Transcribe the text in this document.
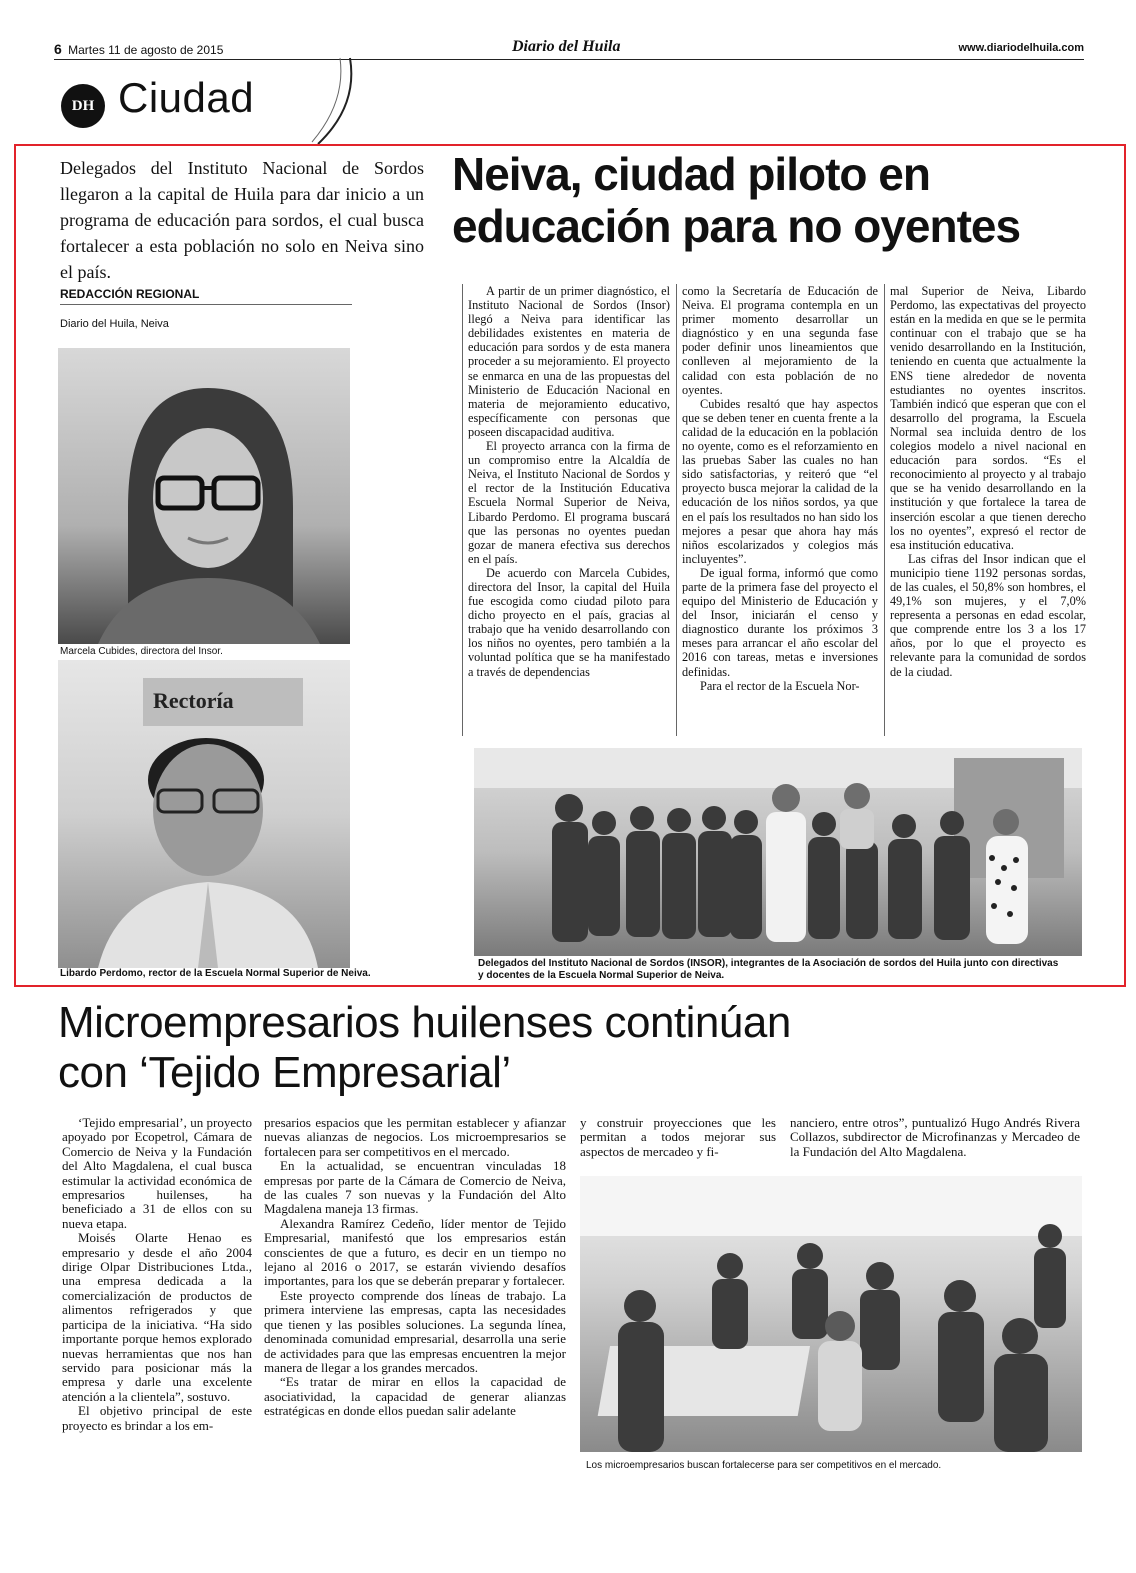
6 Martes 11 de agosto de 2015	Diario del Huila	www.diariodelhuila.com
DH Ciudad
Delegados del Instituto Nacional de Sordos llegaron a la capital de Huila para dar inicio a un programa de educación para sordos, el cual busca fortalecer a esta población no solo en Neiva sino el país.
REDACCIÓN REGIONAL
Diario del Huila, Neiva
Marcela Cubides, directora del Insor.
Rectoría
Libardo Perdomo, rector de la Escuela Normal Superior de Neiva.
Neiva, ciudad piloto en educación para no oyentes

A partir de un primer diagnóstico, el Instituto Nacional de Sordos (Insor) llegó a Neiva para identificar las debilidades existentes en materia de educación para sordos y de esta manera proceder a su mejoramiento. El proyecto se enmarca en una de las propuestas del Ministerio de Educación Nacional en materia de mejoramiento educativo, específicamente con personas que poseen discapacidad auditiva.

El proyecto arranca con la firma de un compromiso entre la Alcaldía de Neiva, el Instituto Nacional de Sordos y el rector de la Institución Educativa Escuela Normal Superior de Neiva, Libardo Perdomo. El programa buscará que las personas no oyentes puedan gozar de manera efectiva sus derechos en el país.

De acuerdo con Marcela Cubides, directora del Insor, la capital del Huila fue escogida como ciudad piloto para dicho proyecto en el país, gracias al trabajo que ha venido desarrollando con los niños no oyentes, pero también a la voluntad política que se ha manifestado a través de dependencias

como la Secretaría de Educación de Neiva. El programa contempla en un primer momento desarrollar un diagnóstico y en una segunda fase poder definir unos lineamientos que conlleven al mejoramiento de la calidad con esta población de no oyentes.

Cubides resaltó que hay aspectos que se deben tener en cuenta frente a la calidad de la educación en la población no oyente, como es el reforzamiento en las pruebas Saber las cuales no han sido satisfactorias, y reiteró que “el proyecto busca mejorar la calidad de la educación de los niños sordos, ya que en el país los resultados no han sido los mejores a pesar que ahora hay más niños escolarizados y colegios más incluyentes”.

De igual forma, informó que como parte de la primera fase del proyecto el equipo del Ministerio de Educación y del Insor, iniciarán el censo y diagnostico durante los próximos 3 meses para arrancar el año escolar del 2016 con tareas, metas e inversiones definidas.

Para el rector de la Escuela Nor-

mal Superior de Neiva, Libardo Perdomo, las expectativas del proyecto están en la medida en que se le permita continuar con el trabajo que se ha venido desarrollando en la Institución, teniendo en cuenta que actualmente la ENS tiene alrededor de noventa estudiantes no oyentes inscritos. También indicó que esperan que con el desarrollo del programa, la Escuela Normal sea incluida dentro de los colegios modelo a nivel nacional en educación para sordos. “Es el reconocimiento al proyecto y al trabajo que se ha venido desarrollando en la institución y que fortalece la tarea de inserción escolar a que tienen derecho los no oyentes”, expresó el rector de esa institución educativa.

Las cifras del Insor indican que el municipio tiene 1192 personas sordas, de las cuales, el 50,8% son hombres, el 49,1% son mujeres, y el 7,0% representa a personas en edad escolar, que comprende entre los 3 a los 17 años, por lo que el proyecto es relevante para la comunidad de sordos de la ciudad.

Delegados del Instituto Nacional de Sordos (INSOR), integrantes de la Asociación de sordos del Huila junto con directivas y docentes de la Escuela Normal Superior de Neiva.
Microempresarios huilenses continúan con ‘Tejido Empresarial’

‘Tejido empresarial’, un proyecto apoyado por Ecopetrol, Cámara de Comercio de Neiva y la Fundación del Alto Magdalena, el cual busca estimular la actividad económica de empresarios huilenses, ha beneficiado a 31 de ellos con su nueva etapa.

Moisés Olarte Henao es empresario y desde el año 2004 dirige Olpar Distribuciones Ltda., una empresa dedicada a la comercialización de productos de alimentos refrigerados y que participa de la iniciativa. “Ha sido importante porque hemos explorado nuevas herramientas que nos han servido para posicionar más la empresa y darle una excelente atención a la clientela”, sostuvo.

El objetivo principal de este proyecto es brindar a los em-

presarios espacios que les permitan establecer y afianzar nuevas alianzas de negocios. Los microempresarios se fortalecen para ser competitivos en el mercado.

En la actualidad, se encuentran vinculadas 18 empresas por parte de la Cámara de Comercio de Neiva, de las cuales 7 son nuevas y la Fundación del Alto Magdalena maneja 13 firmas.

Alexandra Ramírez Cedeño, líder mentor de Tejido Empresarial, manifestó que los empresarios están conscientes de que a futuro, es decir en un tiempo no lejano al 2016 o 2017, se estarán viviendo desafíos importantes, para los que se deberán preparar y fortalecer.

Este proyecto comprende dos líneas de trabajo. La primera interviene las empresas, capta las necesidades que tienen y las posibles soluciones. La segunda línea, denominada comunidad empresarial, desarrolla una serie de actividades para que las empresas encuentren la mejor manera de llegar a los grandes mercados.

“Es tratar de mirar en ellos la capacidad de asociatividad, la capacidad de generar alianzas estratégicas en donde ellos puedan salir adelante

y construir proyecciones que les permitan a todos mejorar sus aspectos de mercadeo y fi-

nanciero, entre otros”, puntualizó Hugo Andrés Rivera Collazos, subdirector de Microfinanzas y Mercadeo de la Fundación del Alto Magdalena.

Los microempresarios buscan fortalecerse para ser competitivos en el mercado.
